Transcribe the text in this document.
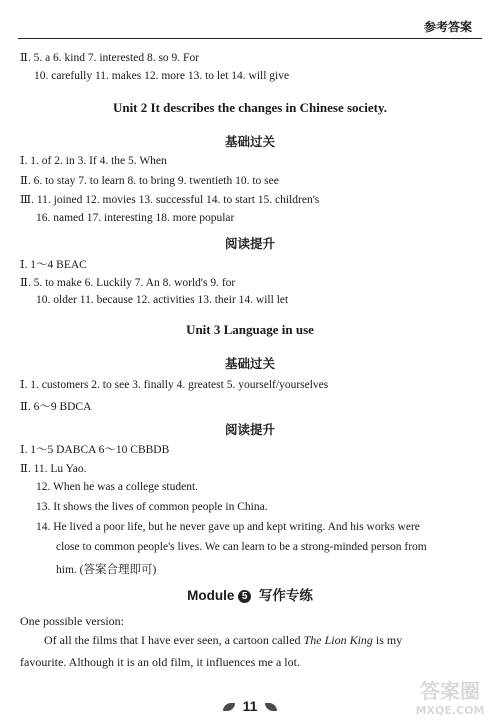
参考答案
Ⅱ. 5. a 6. kind 7. interested 8. so 9. For
10. carefully 11. makes 12. more 13. to let 14. will give
Unit 2 It describes the changes in Chinese society.
基础过关
Ⅰ. 1. of 2. in 3. If 4. the 5. When
Ⅱ. 6. to stay 7. to learn 8. to bring 9. twentieth 10. to see
Ⅲ. 11. joined 12. movies 13. successful 14. to start 15. children's
16. named 17. interesting 18. more popular
阅读提升
Ⅰ. 1～4 BEAC
Ⅱ. 5. to make 6. Luckily 7. An 8. world's 9. for
10. older 11. because 12. activities 13. their 14. will let
Unit 3 Language in use
基础过关
Ⅰ. 1. customers 2. to see 3. finally 4. greatest 5. yourself/yourselves
Ⅱ. 6～9 BDCA
阅读提升
Ⅰ. 1～5 DABCA 6～10 CBBDB
Ⅱ. 11. Lu Yao.
12. When he was a college student.
13. It shows the lives of common people in China.
14. He lived a poor life, but he never gave up and kept writing. And his works were
close to common people's lives. We can learn to be a strong-minded person from
him. (答案合理即可)
Module 5 写作专练
One possible version:
Of all the films that I have ever seen, a cartoon called The Lion King is my
favourite. Although it is an old film, it influences me a lot.
11
答案圈
MXQE.COM
